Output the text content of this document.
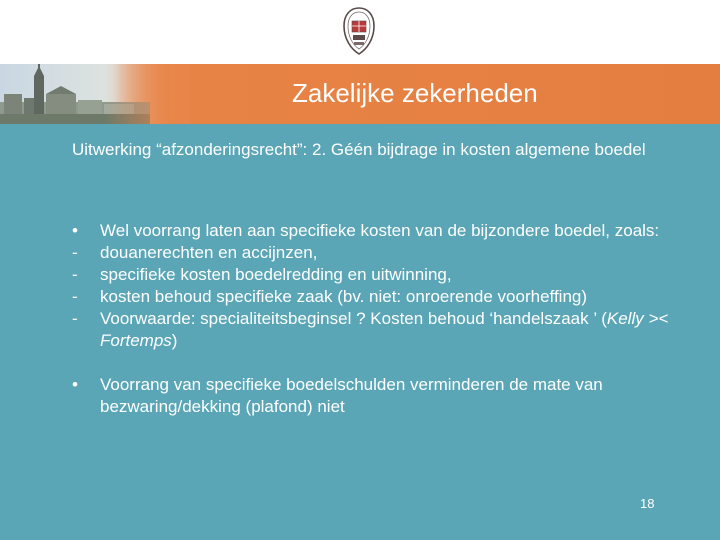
Zakelijke zekerheden
Uitwerking “afzonderingsrecht”: 2. Géén bijdrage in kosten algemene boedel
•	Wel voorrang laten aan specifieke kosten van de bijzondere boedel, zoals:
-	douanerechten en accijnzen,
-	specifieke kosten boedelredding en uitwinning,
-	kosten behoud specifieke zaak (bv. niet: onroerende voorheffing)
-	Voorwaarde: specialiteitsbeginsel ? Kosten behoud ‘handelszaak ’ (Kelly >< Fortemps)
•	Voorrang van specifieke boedelschulden verminderen de mate van bezwaring/dekking (plafond) niet
18
